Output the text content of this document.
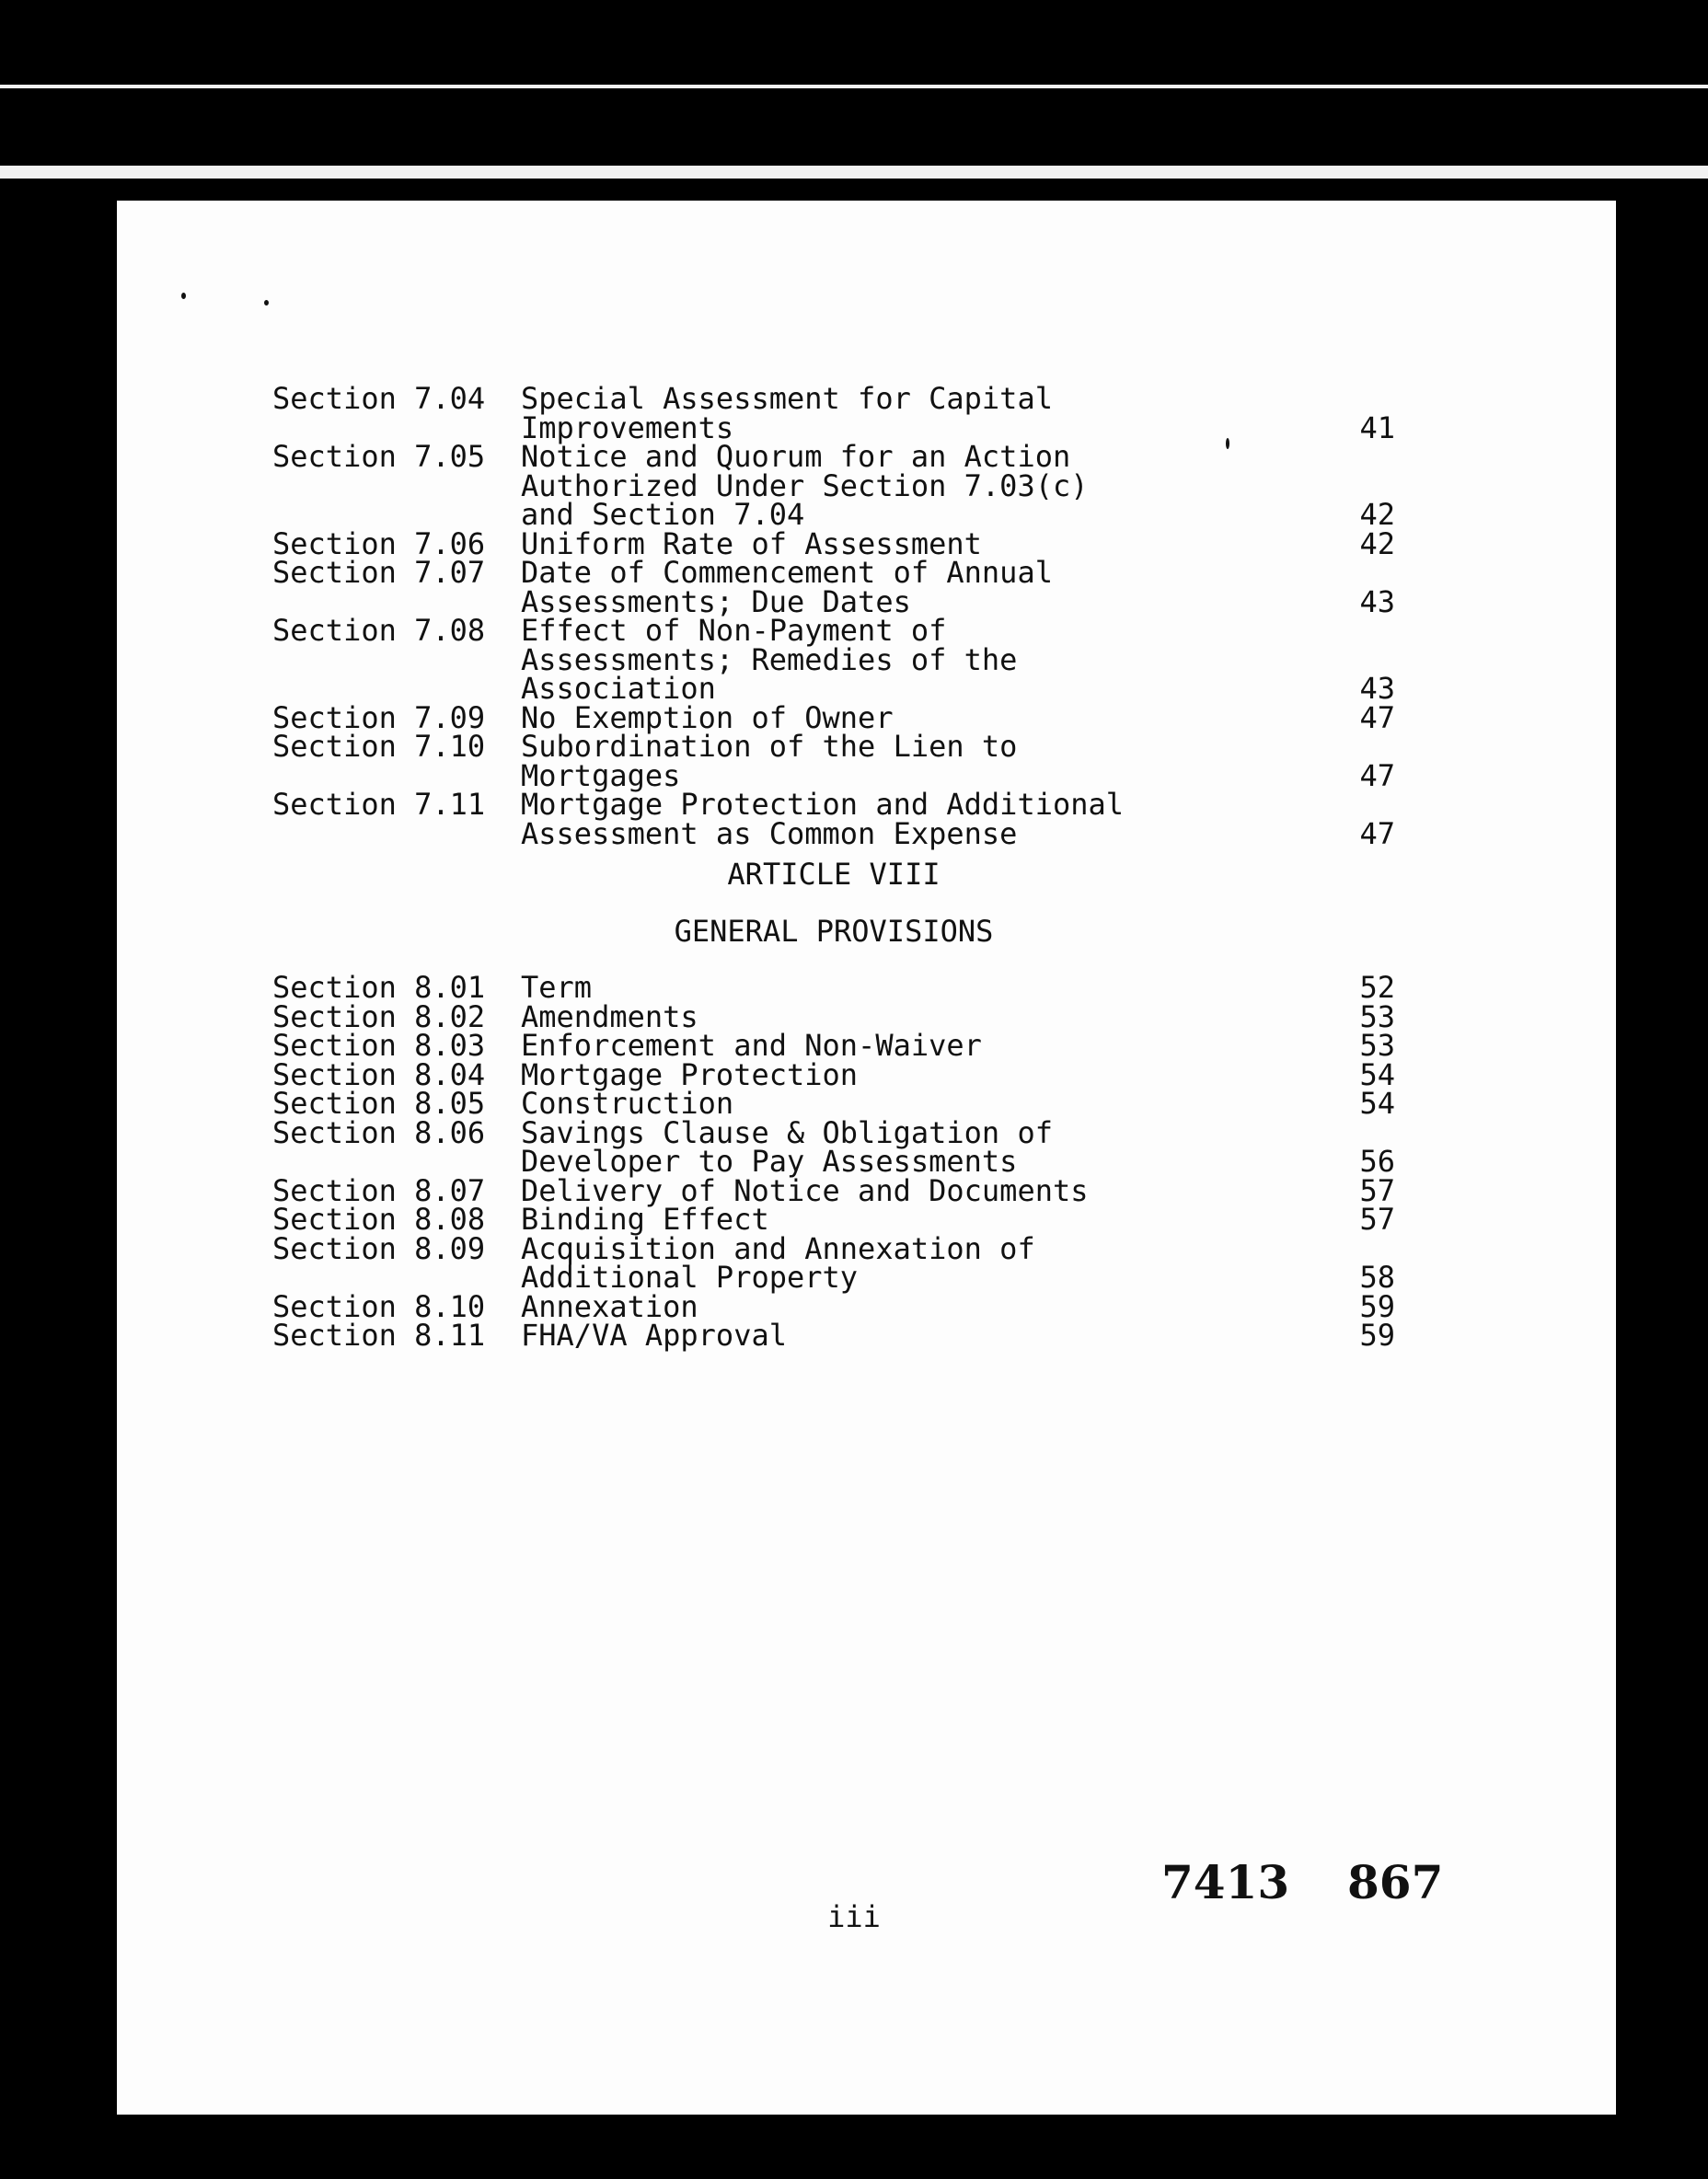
Section 7.04 Special Assessment for Capital
Improvements	41
Section 7.05 Notice and Quorum for an Action
Authorized Under Section 7.03(c)
and Section 7.04	42
Section 7.06 Uniform Rate of Assessment	42
Section 7.07 Date of Commencement of Annual
Assessments; Due Dates	43
Section 7.08 Effect of Non-Payment of
Assessments; Remedies of the
Association	43
Section 7.09 No Exemption of Owner	47
Section 7.10 Subordination of the Lien to
Mortgages	47
Section 7.11 Mortgage Protection and Additional
Assessment as Common Expense	47
ARTICLE VIII
GENERAL PROVISIONS
Section 8.01 Term	52
Section 8.02 Amendments	53
Section 8.03 Enforcement and Non-Waiver	53
Section 8.04 Mortgage Protection	54
Section 8.05 Construction	54
Section 8.06 Savings Clause & Obligation of
Developer to Pay Assessments	56
Section 8.07 Delivery of Notice and Documents	57
Section 8.08 Binding Effect	57
Section 8.09 Acquisition and Annexation of
Additional Property	58
Section 8.10 Annexation	59
Section 8.11 FHA/VA Approval	59
iii
7413 867
